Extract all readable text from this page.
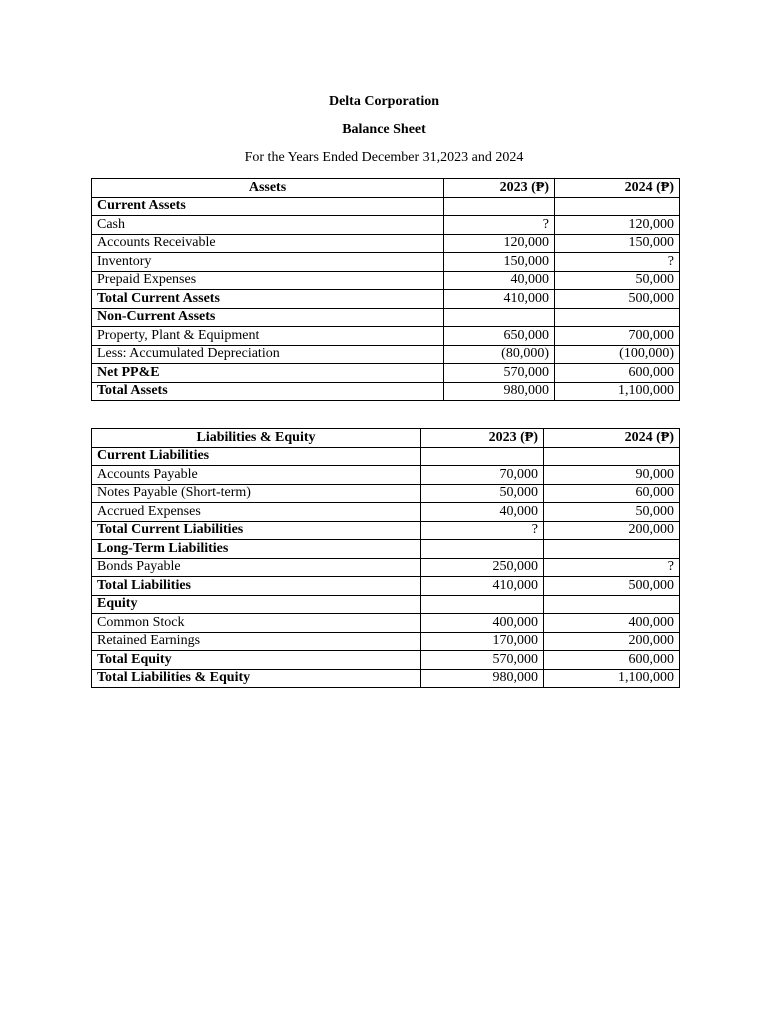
Delta Corporation
Balance Sheet
For the Years Ended December 31,2023 and 2024
Assets	2023 (₱)	2024 (₱)
Current Assets		
Cash	?	120,000
Accounts Receivable	120,000	150,000
Inventory	150,000	?
Prepaid Expenses	40,000	50,000
Total Current Assets	410,000	500,000
Non-Current Assets		
Property, Plant & Equipment	650,000	700,000
Less: Accumulated Depreciation	(80,000)	(100,000)
Net PP&E	570,000	600,000
Total Assets	980,000	1,100,000
Liabilities & Equity	2023 (₱)	2024 (₱)
Current Liabilities		
Accounts Payable	70,000	90,000
Notes Payable (Short-term)	50,000	60,000
Accrued Expenses	40,000	50,000
Total Current Liabilities	?	200,000
Long-Term Liabilities		
Bonds Payable	250,000	?
Total Liabilities	410,000	500,000
Equity		
Common Stock	400,000	400,000
Retained Earnings	170,000	200,000
Total Equity	570,000	600,000
Total Liabilities & Equity	980,000	1,100,000
